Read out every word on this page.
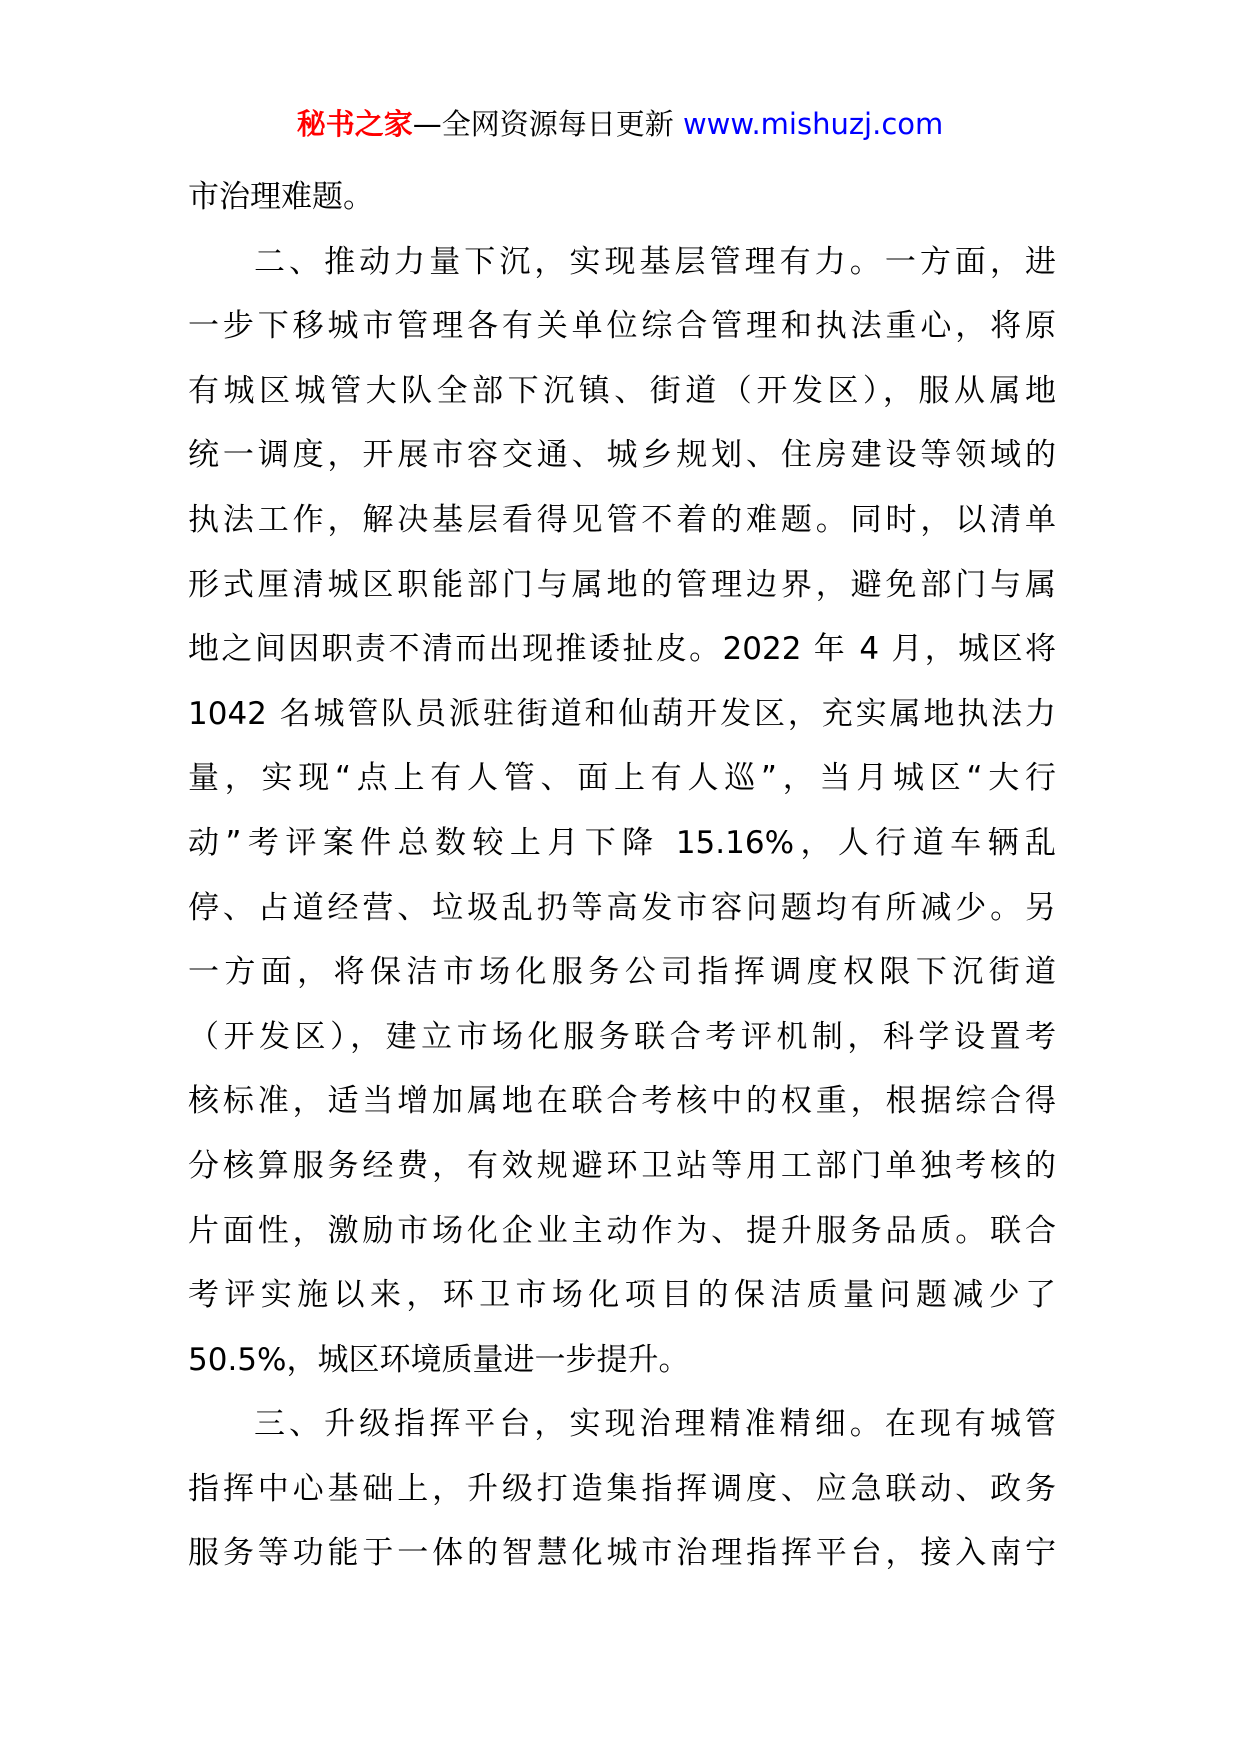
秘书之家—全网资源每日更新 www.mishuzj.com
市治理难题。
二、推动力量下沉，实现基层管理有力。一方面，进
一步下移城市管理各有关单位综合管理和执法重心，将原
有城区城管大队全部下沉镇、街道（开发区），服从属地
统一调度，开展市容交通、城乡规划、住房建设等领域的
执法工作，解决基层看得见管不着的难题。同时，以清单
形式厘清城区职能部门与属地的管理边界，避免部门与属
地之间因职责不清而出现推诿扯皮。2022 年 4 月，城区将
1042 名城管队员派驻街道和仙葫开发区，充实属地执法力
量，实现“点上有人管、面上有人巡”，当月城区“大行
动”考评案件总数较上月下降 15.16%，人行道车辆乱
停、占道经营、垃圾乱扔等高发市容问题均有所减少。另
一方面，将保洁市场化服务公司指挥调度权限下沉街道
（开发区），建立市场化服务联合考评机制，科学设置考
核标准，适当增加属地在联合考核中的权重，根据综合得
分核算服务经费，有效规避环卫站等用工部门单独考核的
片面性，激励市场化企业主动作为、提升服务品质。联合
考评实施以来，环卫市场化项目的保洁质量问题减少了
50.5%，城区环境质量进一步提升。
三、升级指挥平台，实现治理精准精细。在现有城管
指挥中心基础上，升级打造集指挥调度、应急联动、政务
服务等功能于一体的智慧化城市治理指挥平台，接入南宁
